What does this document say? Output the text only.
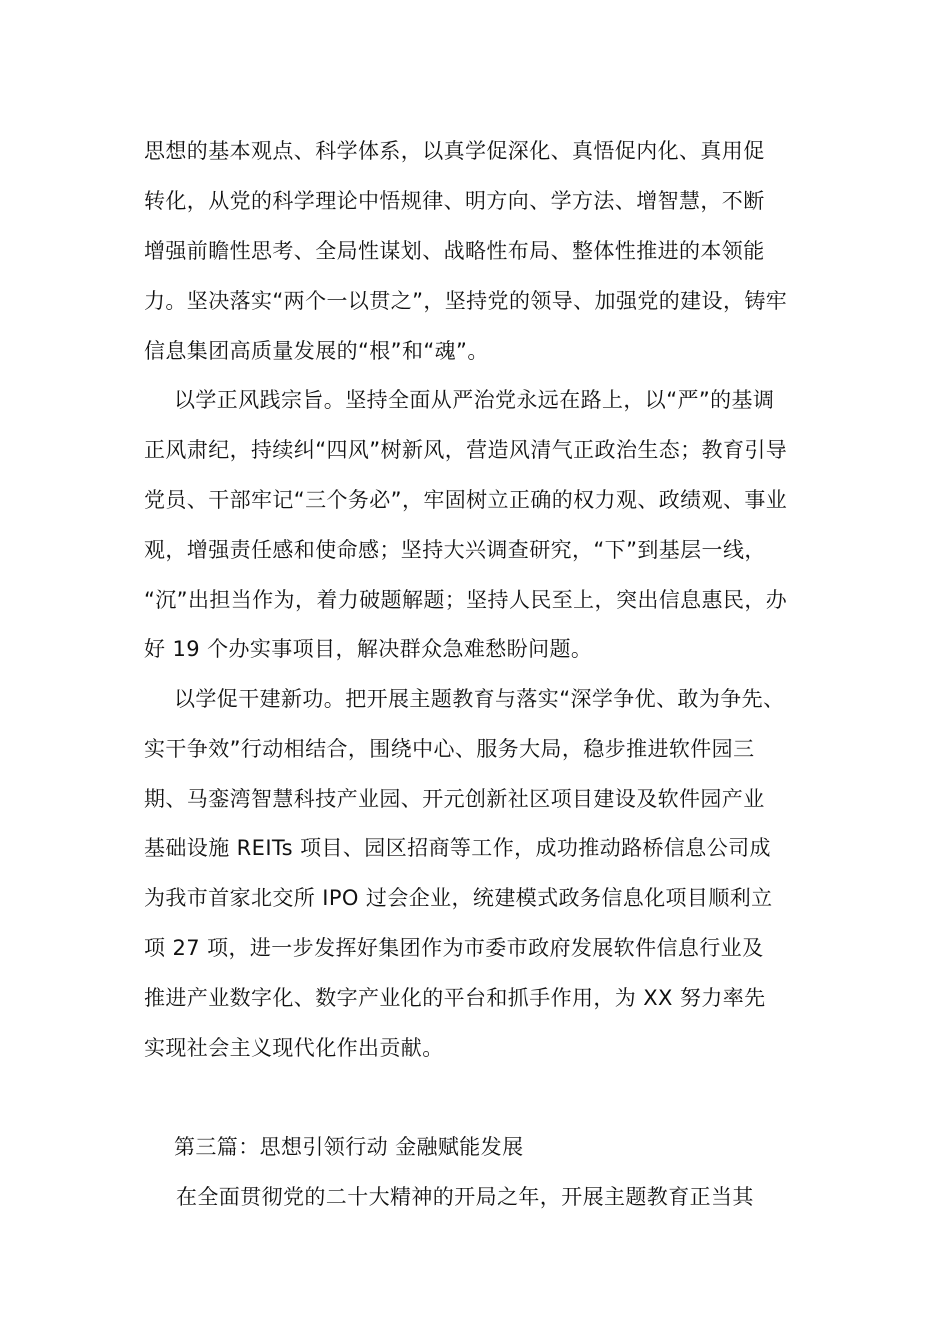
思想的基本观点、科学体系，以真学促深化、真悟促内化、真用促
转化，从党的科学理论中悟规律、明方向、学方法、增智慧，不断
增强前瞻性思考、全局性谋划、战略性布局、整体性推进的本领能
力。坚决落实“两个一以贯之”，坚持党的领导、加强党的建设，铸牢
信息集团高质量发展的“根”和“魂”。
以学正风践宗旨。坚持全面从严治党永远在路上，以“严”的基调
正风肃纪，持续纠“四风”树新风，营造风清气正政治生态；教育引导
党员、干部牢记“三个务必”，牢固树立正确的权力观、政绩观、事业
观，增强责任感和使命感；坚持大兴调查研究，“下”到基层一线，
“沉”出担当作为，着力破题解题；坚持人民至上，突出信息惠民，办
好 19 个办实事项目，解决群众急难愁盼问题。
以学促干建新功。把开展主题教育与落实“深学争优、敢为争先、
实干争效”行动相结合，围绕中心、服务大局，稳步推进软件园三
期、马銮湾智慧科技产业园、开元创新社区项目建设及软件园产业
基础设施 REITs 项目、园区招商等工作，成功推动路桥信息公司成
为我市首家北交所 IPO 过会企业，统建模式政务信息化项目顺利立
项 27 项，进一步发挥好集团作为市委市政府发展软件信息行业及
推进产业数字化、数字产业化的平台和抓手作用，为 XX 努力率先
实现社会主义现代化作出贡献。
第三篇：思想引领行动 金融赋能发展
在全面贯彻党的二十大精神的开局之年，开展主题教育正当其
